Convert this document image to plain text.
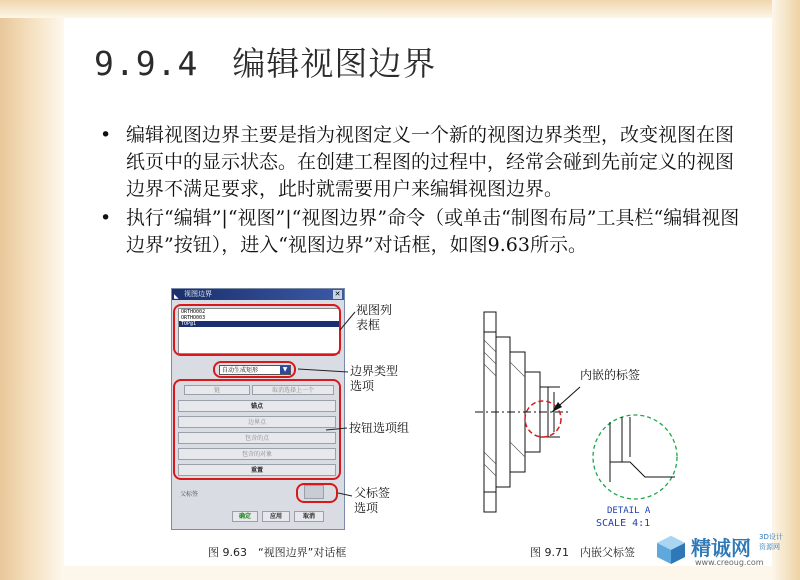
9.9.4　编辑视图边界
• 编辑视图边界主要是指为视图定义一个新的视图边界类型，改变视图在图纸页中的显示状态。在创建工程图的过程中，经常会碰到先前定义的视图边界不满足要求，此时就需要用户来编辑视图边界。
• 执行“编辑”|“视图”|“视图边界”命令（或单击“制图布局”工具栏“编辑视图边界”按钮），进入“视图边界”对话框，如图9.63所示。
◣ 视图边界	✕
ORTHO002
ORTHO003
TOP@1
自动生成矩形	▼
链	取消选择上一个
锚点
边界点
包含的点
包含的对象
重置
父标签
确定	应用	取消
视图列
表框
边界类型
选项
按钮选项组
父标签
选项
内嵌的标签
DETAIL A
SCALE 4:1
图 9.63　“视图边界”对话框	图 9.71　内嵌父标签	精诚网 3D设计
资源网
www.creoug.com
